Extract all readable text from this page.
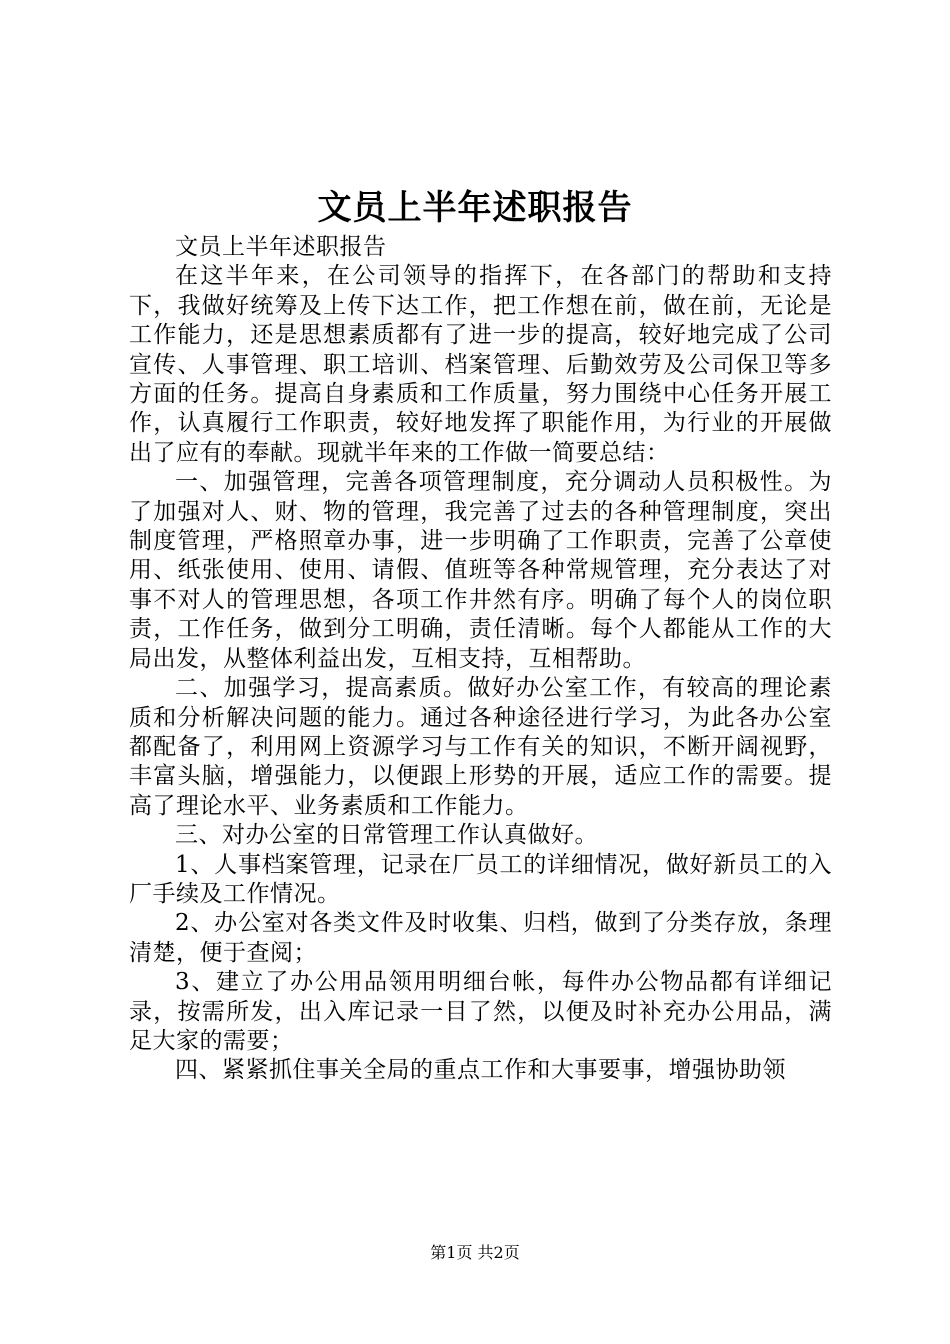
文员上半年述职报告

文员上半年述职报告

在这半年来，在公司领导的指挥下，在各部门的帮助和支持下，我做好统筹及上传下达工作，把工作想在前，做在前，无论是工作能力，还是思想素质都有了进一步的提高，较好地完成了公司宣传、人事管理、职工培训、档案管理、后勤效劳及公司保卫等多方面的任务。提高自身素质和工作质量，努力围绕中心任务开展工作，认真履行工作职责，较好地发挥了职能作用，为行业的开展做出了应有的奉献。现就半年来的工作做一简要总结：

一、加强管理，完善各项管理制度，充分调动人员积极性。为了加强对人、财、物的管理，我完善了过去的各种管理制度，突出制度管理，严格照章办事，进一步明确了工作职责，完善了公章使用、纸张使用、使用、请假、值班等各种常规管理，充分表达了对事不对人的管理思想，各项工作井然有序。明确了每个人的岗位职责，工作任务，做到分工明确，责任清晰。每个人都能从工作的大局出发，从整体利益出发，互相支持，互相帮助。

二、加强学习，提高素质。做好办公室工作，有较高的理论素质和分析解决问题的能力。通过各种途径进行学习，为此各办公室都配备了，利用网上资源学习与工作有关的知识，不断开阔视野，丰富头脑，增强能力，以便跟上形势的开展，适应工作的需要。提高了理论水平、业务素质和工作能力。

三、对办公室的日常管理工作认真做好。

1、人事档案管理，记录在厂员工的详细情况，做好新员工的入厂手续及工作情况。

2、办公室对各类文件及时收集、归档，做到了分类存放，条理清楚，便于查阅；

3、建立了办公用品领用明细台帐，每件办公物品都有详细记录，按需所发，出入库记录一目了然，以便及时补充办公用品，满足大家的需要；

四、紧紧抓住事关全局的重点工作和大事要事，增强协助领

第1页 共2页
